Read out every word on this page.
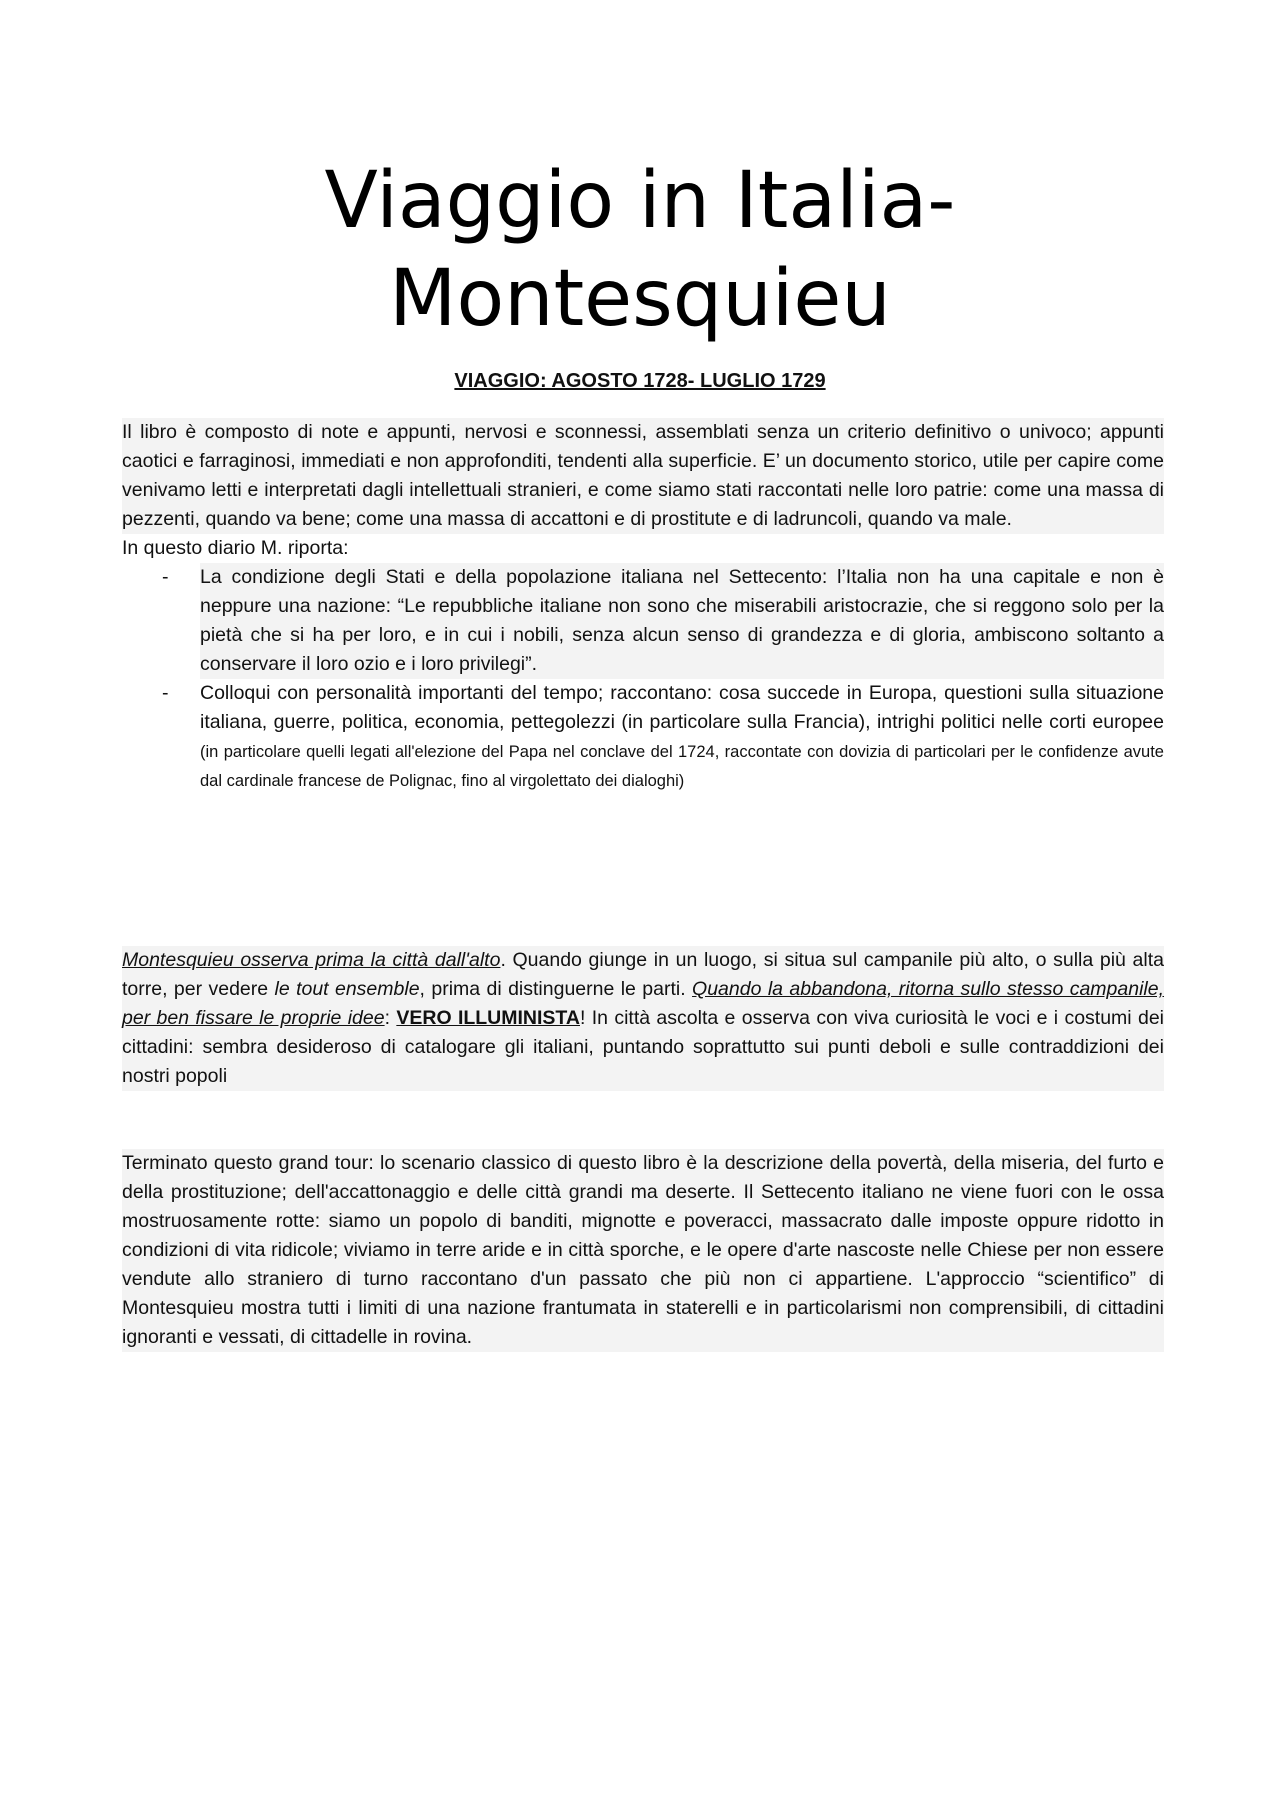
Viaggio in Italia-
Montesquieu
VIAGGIO: AGOSTO 1728- LUGLIO 1729

Il libro è composto di note e appunti, nervosi e sconnessi, assemblati senza un criterio definitivo o univoco; appunti caotici e farraginosi, immediati e non approfonditi, tendenti alla superficie. E’ un documento storico, utile per capire come venivamo letti e interpretati dagli intellettuali stranieri, e come siamo stati raccontati nelle loro patrie: come una massa di pezzenti, quando va bene; come una massa di accattoni e di prostitute e di ladruncoli, quando va male.

In questo diario M. riporta:

- La condizione degli Stati e della popolazione italiana nel Settecento: l’Italia non ha una capitale e non è neppure una nazione: “Le repubbliche italiane non sono che miserabili aristocrazie, che si reggono solo per la pietà che si ha per loro, e in cui i nobili, senza alcun senso di grandezza e di gloria, ambiscono soltanto a conservare il loro ozio e i loro privilegi”.
- Colloqui con personalità importanti del tempo; raccontano: cosa succede in Europa, questioni sulla situazione italiana, guerre, politica, economia, pettegolezzi (in particolare sulla Francia), intrighi politici nelle corti europee (in particolare quelli legati all'elezione del Papa nel conclave del 1724, raccontate con dovizia di particolari per le confidenze avute dal cardinale francese de Polignac, fino al virgolettato dei dialoghi)

Montesquieu osserva prima la città dall'alto. Quando giunge in un luogo, si situa sul campanile più alto, o sulla più alta torre, per vedere le tout ensemble, prima di distinguerne le parti. Quando la abbandona, ritorna sullo stesso campanile, per ben fissare le proprie idee: VERO ILLUMINISTA! In città ascolta e osserva con viva curiosità le voci e i costumi dei cittadini: sembra desideroso di catalogare gli italiani, puntando soprattutto sui punti deboli e sulle contraddizioni dei nostri popoli

Terminato questo grand tour: lo scenario classico di questo libro è la descrizione della povertà, della miseria, del furto e della prostituzione; dell'accattonaggio e delle città grandi ma deserte. Il Settecento italiano ne viene fuori con le ossa mostruosamente rotte: siamo un popolo di banditi, mignotte e poveracci, massacrato dalle imposte oppure ridotto in condizioni di vita ridicole; viviamo in terre aride e in città sporche, e le opere d'arte nascoste nelle Chiese per non essere vendute allo straniero di turno raccontano d'un passato che più non ci appartiene. L'approccio “scientifico” di Montesquieu mostra tutti i limiti di una nazione frantumata in staterelli e in particolarismi non comprensibili, di cittadini ignoranti e vessati, di cittadelle in rovina.
